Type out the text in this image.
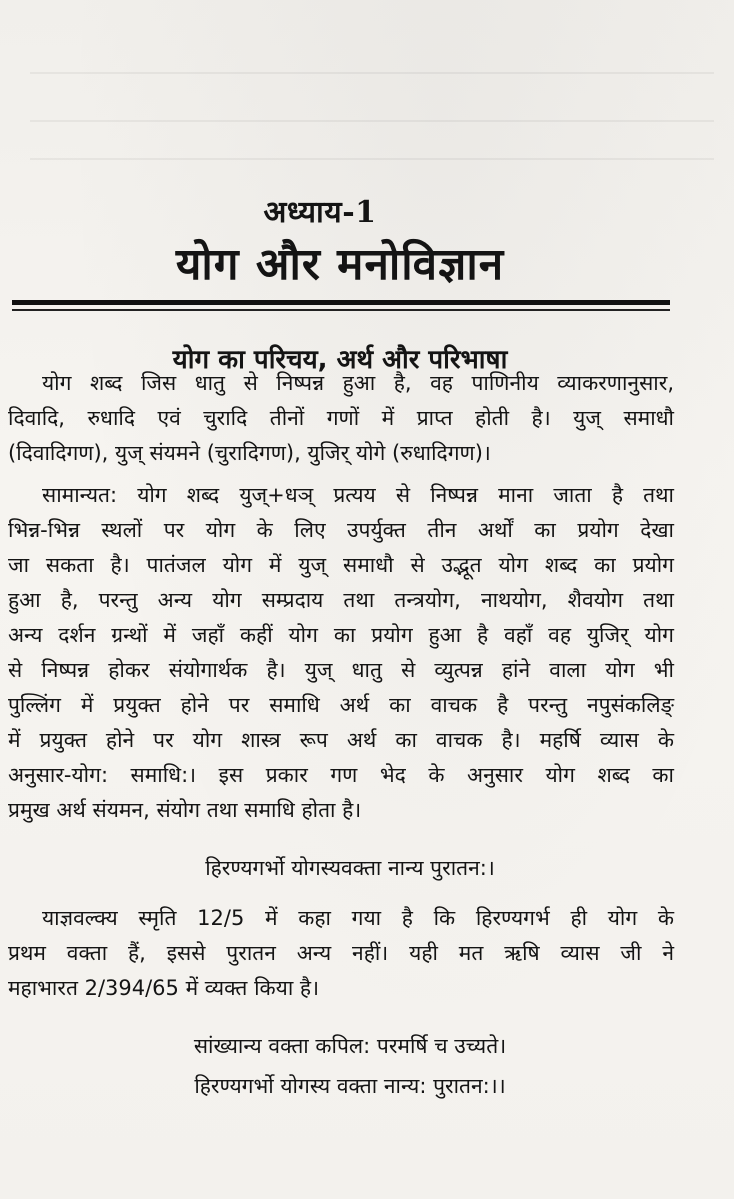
अध्याय-1
योग और मनोविज्ञान
योग का परिचय, अर्थ और परिभाषा
योग शब्द जिस धातु से निष्पन्न हुआ है, वह पाणिनीय व्याकरणानुसार,
दिवादि, रुधादि एवं चुरादि तीनों गणों में प्राप्त होती है। युज् समाधौ
(दिवादिगण), युज् संयमने (चुरादिगण), युजिर् योगे (रुधादिगण)।
सामान्यत: योग शब्द युज्+धञ् प्रत्यय से निष्पन्न माना जाता है तथा
भिन्न-भिन्न स्थलों पर योग के लिए उपर्युक्त तीन अर्थों का प्रयोग देखा
जा सकता है। पातंजल योग में युज् समाधौ से उद्भूत योग शब्द का प्रयोग
हुआ है, परन्तु अन्य योग सम्प्रदाय तथा तन्त्रयोग, नाथयोग, शैवयोग तथा
अन्य दर्शन ग्रन्थों में जहाँ कहीं योग का प्रयोग हुआ है वहाँ वह युजिर् योग
से निष्पन्न होकर संयोगार्थक है। युज् धातु से व्युत्पन्न हांने वाला योग भी
पुल्लिंग में प्रयुक्त होने पर समाधि अर्थ का वाचक है परन्तु नपुसंकलिङ्
में प्रयुक्त होने पर योग शास्त्र रूप अर्थ का वाचक है। महर्षि व्यास के
अनुसार-योग: समाधि:। इस प्रकार गण भेद के अनुसार योग शब्द का
प्रमुख अर्थ संयमन, संयोग तथा समाधि होता है।
हिरण्यगर्भो योगस्यवक्ता नान्य पुरातन:।
याज्ञवल्क्य स्मृति 12/5 में कहा गया है कि हिरण्यगर्भ ही योग के
प्रथम वक्ता हैं, इससे पुरातन अन्य नहीं। यही मत ऋषि व्यास जी ने
महाभारत 2/394/65 में व्यक्त किया है।
सांख्यान्य वक्ता कपिल: परमर्षि च उच्यते।
हिरण्यगर्भो योगस्य वक्ता नान्य: पुरातन:।।
